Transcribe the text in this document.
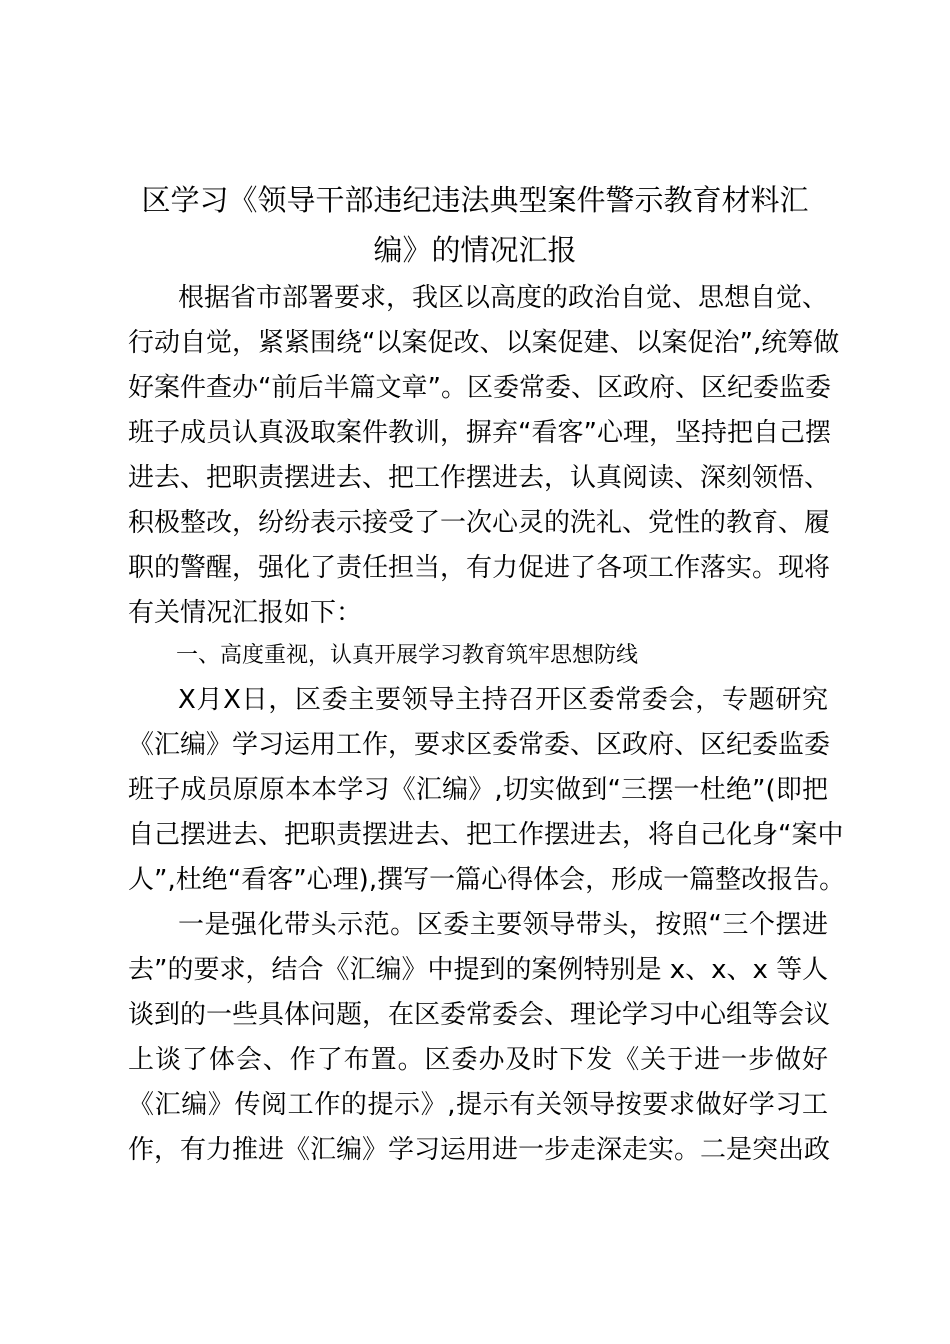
区学习《领导干部违纪违法典型案件警示教育材料汇
编》的情况汇报
根据省市部署要求，我区以高度的政治自觉、思想自觉、
行动自觉，紧紧围绕“以案促改、以案促建、以案促治”,统筹做
好案件查办“前后半篇文章”。区委常委、区政府、区纪委监委
班子成员认真汲取案件教训，摒弃“看客”心理，坚持把自己摆
进去、把职责摆进去、把工作摆进去，认真阅读、深刻领悟、
积极整改，纷纷表示接受了一次心灵的洗礼、党性的教育、履
职的警醒，强化了责任担当，有力促进了各项工作落实。现将
有关情况汇报如下：
一、高度重视，认真开展学习教育筑牢思想防线
X月X日，区委主要领导主持召开区委常委会，专题研究
《汇编》学习运用工作，要求区委常委、区政府、区纪委监委
班子成员原原本本学习《汇编》,切实做到“三摆一杜绝”(即把
自己摆进去、把职责摆进去、把工作摆进去，将自己化身“案中
人”,杜绝“看客”心理),撰写一篇心得体会，形成一篇整改报告。
一是强化带头示范。区委主要领导带头，按照“三个摆进
去”的要求，结合《汇编》中提到的案例特别是 x、x、x 等人
谈到的一些具体问题，在区委常委会、理论学习中心组等会议
上谈了体会、作了布置。区委办及时下发《关于进一步做好
《汇编》传阅工作的提示》,提示有关领导按要求做好学习工
作，有力推进《汇编》学习运用进一步走深走实。二是突出政
